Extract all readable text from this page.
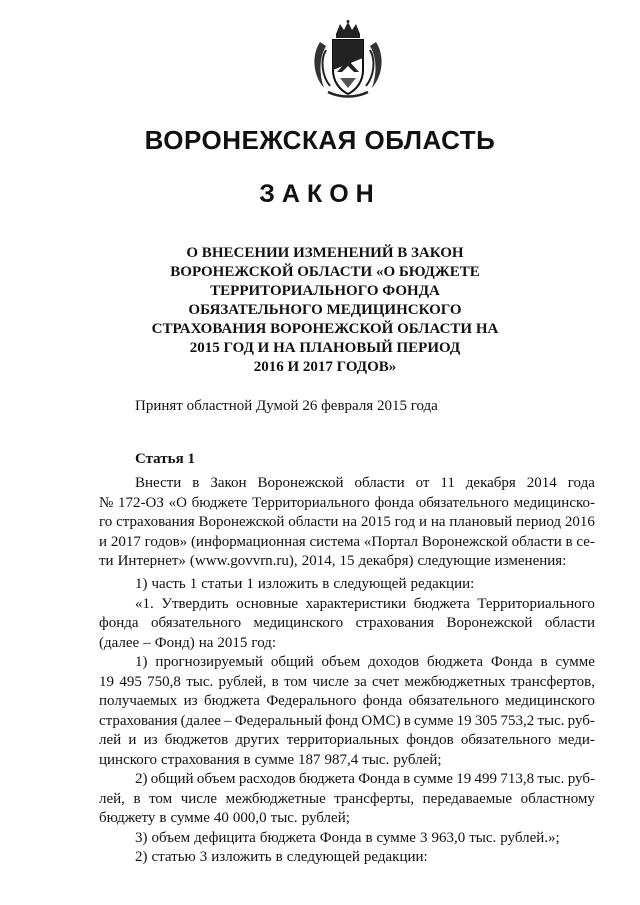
ВОРОНЕЖСКАЯ ОБЛАСТЬ
ЗАКОН
О ВНЕСЕНИИ ИЗМЕНЕНИЙ В ЗАКОН
ВОРОНЕЖСКОЙ ОБЛАСТИ «О БЮДЖЕТЕ
ТЕРРИТОРИАЛЬНОГО ФОНДА
ОБЯЗАТЕЛЬНОГО МЕДИЦИНСКОГО
СТРАХОВАНИЯ ВОРОНЕЖСКОЙ ОБЛАСТИ НА
2015 ГОД И НА ПЛАНОВЫЙ ПЕРИОД
2016 И 2017 ГОДОВ»
Принят областной Думой 26 февраля 2015 года
Статья 1
Внести в Закон Воронежской области от 11 декабря 2014 года
№ 172-ОЗ «О бюджете Территориального фонда обязательного медицинско-
го страхования Воронежской области на 2015 год и на плановый период 2016
и 2017 годов» (информационная система «Портал Воронежской области в се-
ти Интернет» (www.govvrn.ru), 2014, 15 декабря) следующие изменения:
1) часть 1 статьи 1 изложить в следующей редакции:
«1. Утвердить основные характеристики бюджета Территориального
фонда обязательного медицинского страхования Воронежской области
(далее – Фонд) на 2015 год:
1) прогнозируемый общий объем доходов бюджета Фонда в сумме
19 495 750,8 тыс. рублей, в том числе за счет межбюджетных трансфертов,
получаемых из бюджета Федерального фонда обязательного медицинского
страхования (далее – Федеральный фонд ОМС) в сумме 19 305 753,2 тыс. руб-
лей и из бюджетов других территориальных фондов обязательного меди-
цинского страхования в сумме 187 987,4 тыс. рублей;
2) общий объем расходов бюджета Фонда в сумме 19 499 713,8 тыс. руб-
лей, в том числе межбюджетные трансферты, передаваемые областному
бюджету в сумме 40 000,0 тыс. рублей;
3) объем дефицита бюджета Фонда в сумме 3 963,0 тыс. рублей.»;
2) статью 3 изложить в следующей редакции:
